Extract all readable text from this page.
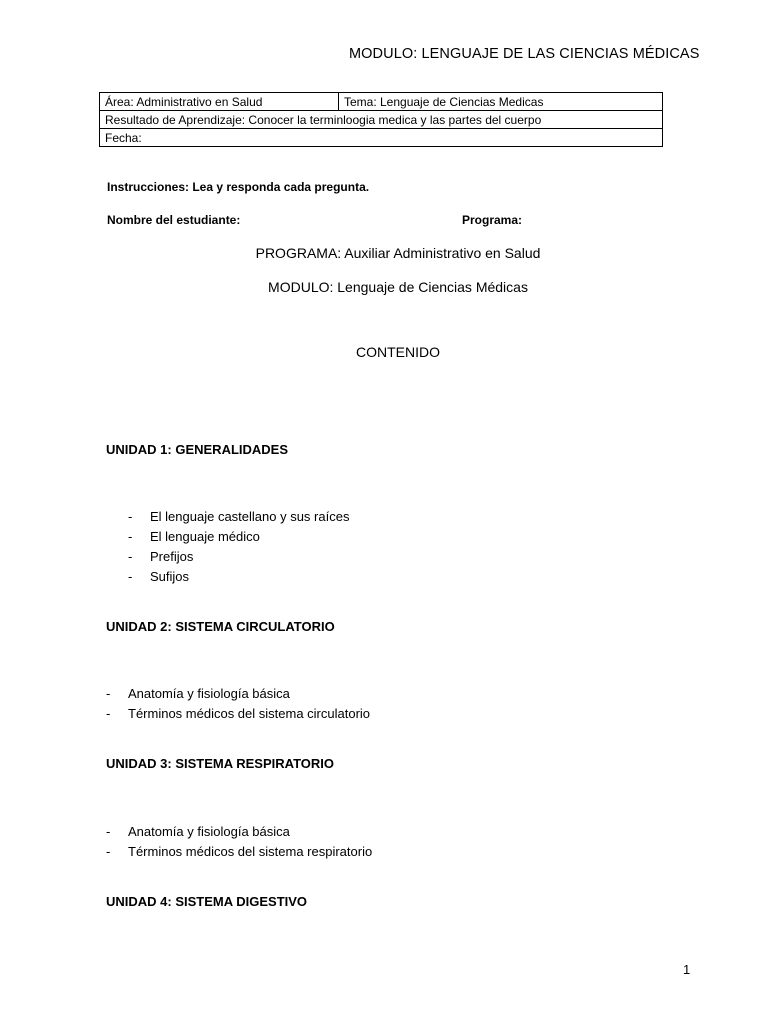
MODULO: LENGUAJE DE LAS CIENCIAS MÉDICAS
Área: Administrativo en Salud	Tema: Lenguaje de Ciencias Medicas
Resultado de Aprendizaje: Conocer la terminloogia medica y las partes del cuerpo
Fecha:
Instrucciones: Lea y responda cada pregunta.
Nombre del estudiante:	Programa:
PROGRAMA: Auxiliar Administrativo en Salud
MODULO: Lenguaje de Ciencias Médicas
CONTENIDO
UNIDAD 1: GENERALIDADES
- El lenguaje castellano y sus raíces
- El lenguaje médico
- Prefijos
- Sufijos
UNIDAD 2: SISTEMA CIRCULATORIO
- Anatomía y fisiología básica
- Términos médicos del sistema circulatorio
UNIDAD 3: SISTEMA RESPIRATORIO
- Anatomía y fisiología básica
- Términos médicos del sistema respiratorio
UNIDAD 4: SISTEMA DIGESTIVO
1
